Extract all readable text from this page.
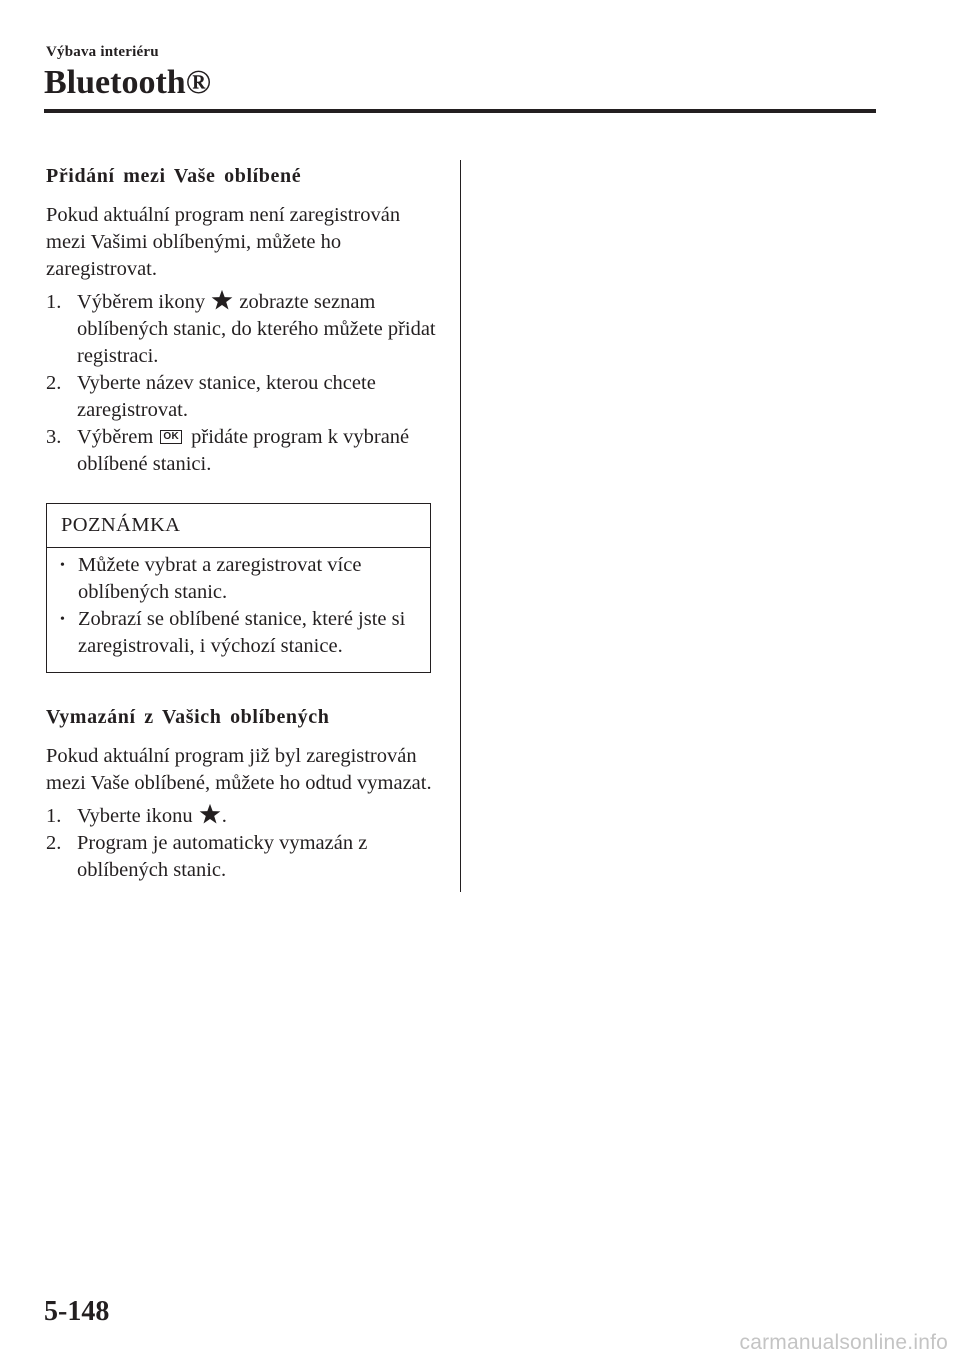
Výbava interiéru
Bluetooth®

Přidání mezi Vaše oblíbené

Pokud aktuální program není zaregistrován mezi Vašimi oblíbenými, můžete ho zaregistrovat.

1. Výběrem ikony  zobrazte seznam oblíbených stanic, do kterého můžete přidat registraci.
2. Vyberte název stanice, kterou chcete zaregistrovat.
3. Výběrem OK přidáte program k vybrané oblíbené stanici.
POZNÁMKA
• Můžete vybrat a zaregistrovat více oblíbených stanic.
• Zobrazí se oblíbené stanice, které jste si zaregistrovali, i výchozí stanice.

Vymazání z Vašich oblíbených

Pokud aktuální program již byl zaregistrován mezi Vaše oblíbené, můžete ho odtud vymazat.

1. Vyberte ikonu .
2. Program je automaticky vymazán z oblíbených stanic.
5-148
carmanualsonline.info
